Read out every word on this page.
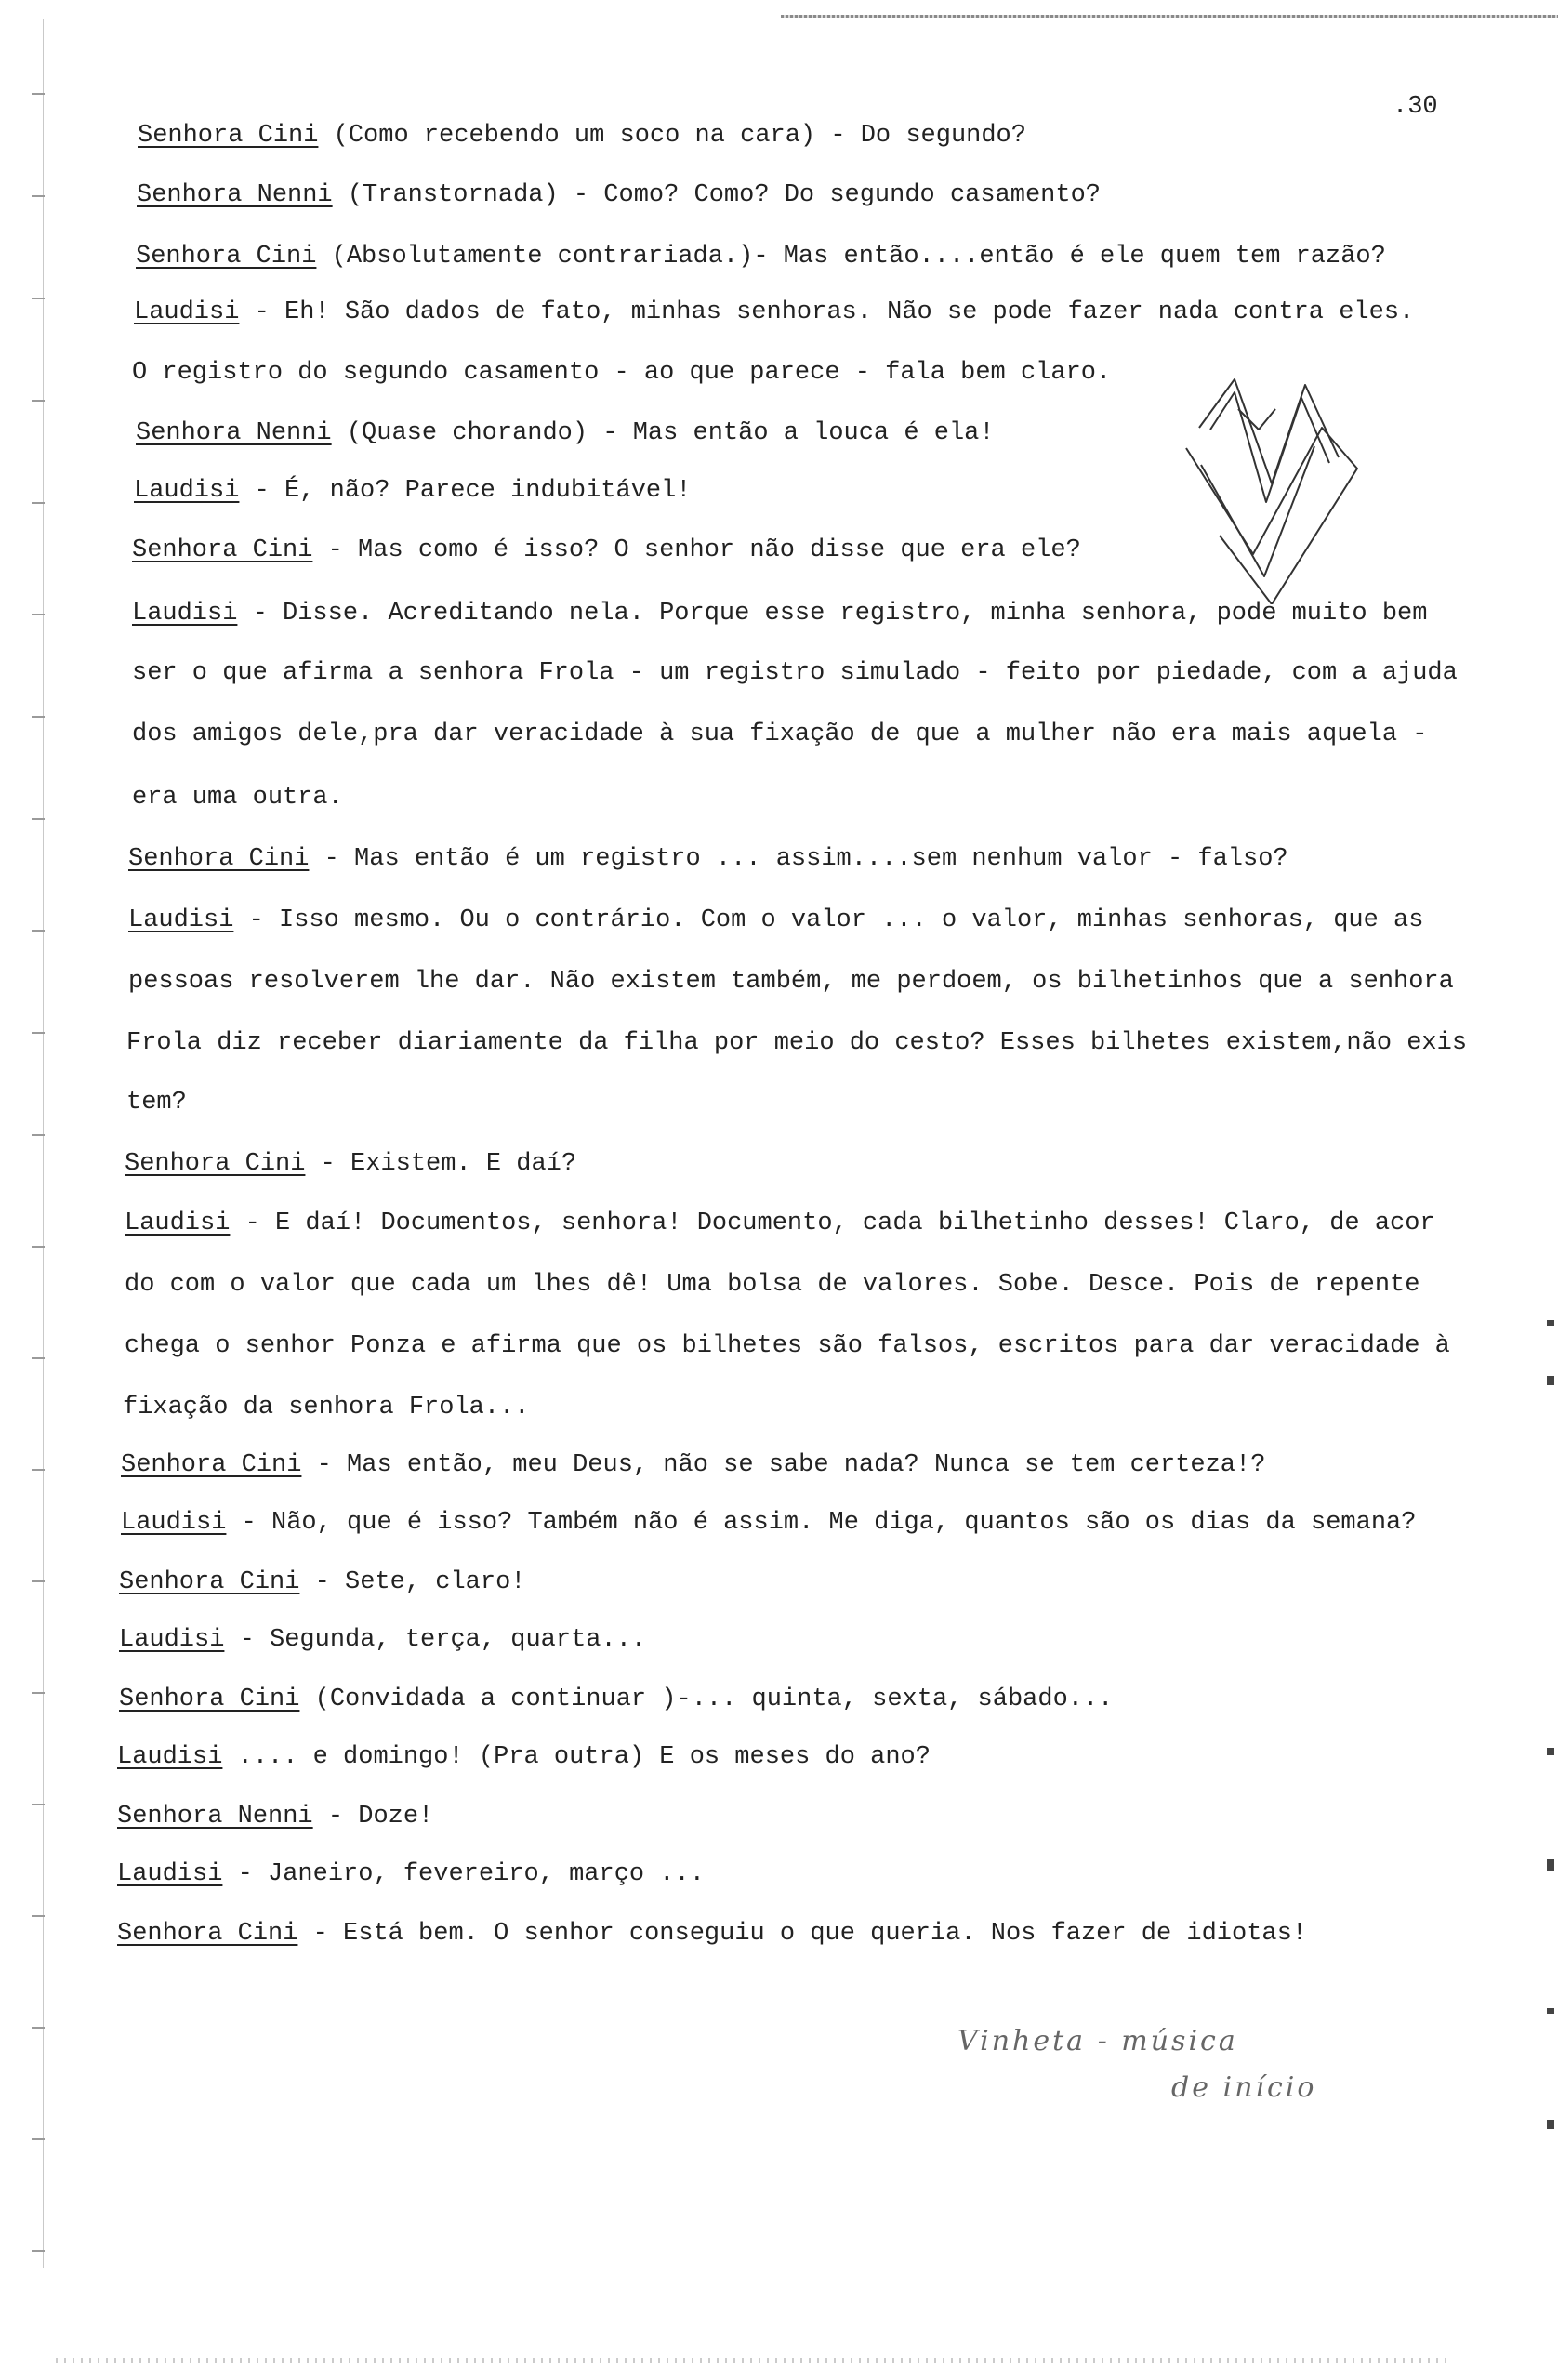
.30
Senhora Cini (Como recebendo um soco na cara) - Do segundo?
Senhora Nenni (Transtornada) - Como? Como? Do segundo casamento?
Senhora Cini (Absolutamente contrariada.)- Mas então....então é ele quem tem razão?
Laudisi - Eh! São dados de fato, minhas senhoras. Não se pode fazer nada contra eles.
O registro do segundo casamento - ao que parece - fala bem claro.
Senhora Nenni (Quase chorando) - Mas então a louca é ela!
Laudisi - É, não? Parece indubitável!
Senhora Cini - Mas como é isso? O senhor não disse que era ele?
Laudisi - Disse. Acreditando nela. Porque esse registro, minha senhora, pode muito bem
ser o que afirma a senhora Frola - um registro simulado - feito por piedade, com a ajuda
dos amigos dele,pra dar veracidade à sua fixação de que a mulher não era mais aquela -
era uma outra.
Senhora Cini - Mas então é um registro ... assim....sem nenhum valor - falso?
Laudisi - Isso mesmo. Ou o contrário. Com o valor ... o valor, minhas senhoras, que as
pessoas resolverem lhe dar. Não existem também, me perdoem, os bilhetinhos que a senhora
Frola diz receber diariamente da filha por meio do cesto? Esses bilhetes existem,não exis
tem?
Senhora Cini - Existem. E daí?
Laudisi - E daí! Documentos, senhora! Documento, cada bilhetinho desses! Claro, de acor
do com o valor que cada um lhes dê! Uma bolsa de valores. Sobe. Desce. Pois de repente
chega o senhor Ponza e afirma que os bilhetes são falsos, escritos para dar veracidade à
fixação da senhora Frola...
Senhora Cini - Mas então, meu Deus, não se sabe nada? Nunca se tem certeza!?
Laudisi - Não, que é isso? Também não é assim. Me diga, quantos são os dias da semana?
Senhora Cini - Sete, claro!
Laudisi - Segunda, terça, quarta...
Senhora Cini (Convidada a continuar )-... quinta, sexta, sábado...
Laudisi .... e domingo! (Pra outra) E os meses do ano?
Senhora Nenni - Doze!
Laudisi - Janeiro, fevereiro, março ...
Senhora Cini - Está bem. O senhor conseguiu o que queria. Nos fazer de idiotas!
Vinheta - música
de início
